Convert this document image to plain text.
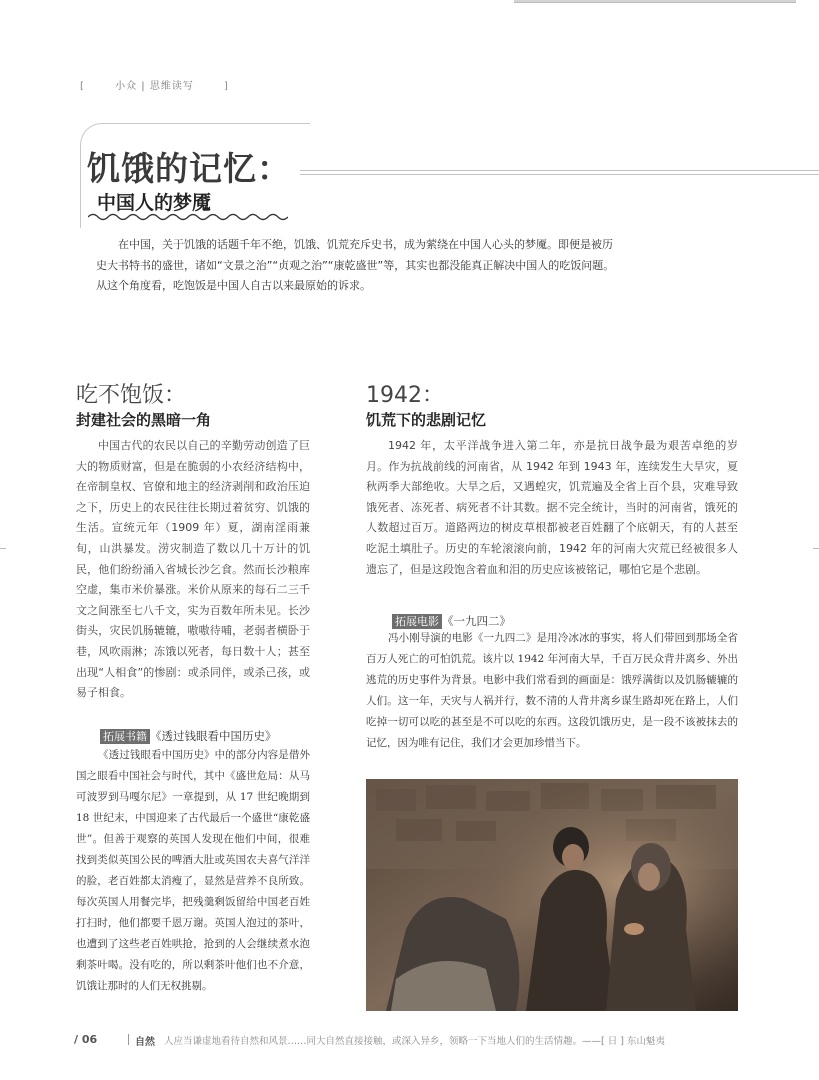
[	小众 | 思维读写	]
饥饿的记忆：
中国人的梦魇

在中国，关于饥饿的话题千年不绝，饥饿、饥荒充斥史书，成为萦绕在中国人心头的梦魇。即便是被历史大书特书的盛世，诸如“文景之治”“贞观之治”“康乾盛世”等，其实也都没能真正解决中国人的吃饭问题。从这个角度看，吃饱饭是中国人自古以来最原始的诉求。

吃不饱饭：
封建社会的黑暗一角

中国古代的农民以自己的辛勤劳动创造了巨大的物质财富，但是在脆弱的小农经济结构中，在帝制皇权、官僚和地主的经济剥削和政治压迫之下，历史上的农民往往长期过着贫穷、饥饿的生活。宣统元年（1909 年）夏，湖南淫雨兼旬，山洪暴发。涝灾制造了数以几十万计的饥民，他们纷纷涌入省城长沙乞食。然而长沙粮库空虚，集市米价暴涨。米价从原来的每石二三千文之间涨至七八千文，实为百数年所未见。长沙街头，灾民饥肠辘辘，嗷嗷待哺，老弱者横卧于巷，风吹雨淋；冻饿以死者，每日数十人；甚至出现“人相食”的惨剧：或杀同伴，或杀己孩，或易子相食。

拓展书籍 《透过钱眼看中国历史》

《透过钱眼看中国历史》中的部分内容是借外国之眼看中国社会与时代，其中《盛世危局：从马可波罗到马嘎尔尼》一章提到，从 17 世纪晚期到 18 世纪末，中国迎来了古代最后一个盛世“康乾盛世”。但善于观察的英国人发现在他们中间，很难找到类似英国公民的啤酒大肚或英国农夫喜气洋洋的脸，老百姓都太消瘦了，显然是营养不良所致。每次英国人用餐完毕，把残羹剩饭留给中国老百姓打扫时，他们都要千恩万谢。英国人泡过的茶叶，也遭到了这些老百姓哄抢，抢到的人会继续煮水泡剩茶叶喝。没有吃的，所以剩茶叶他们也不介意，饥饿让那时的人们无权挑剔。

1942：
饥荒下的悲剧记忆

1942 年，太平洋战争进入第二年，亦是抗日战争最为艰苦卓绝的岁月。作为抗战前线的河南省，从 1942 年到 1943 年，连续发生大旱灾，夏秋两季大部绝收。大旱之后，又遇蝗灾，饥荒遍及全省上百个县，灾难导致饿死者、冻死者、病死者不计其数。据不完全统计，当时的河南省，饿死的人数超过百万。道路两边的树皮草根都被老百姓翻了个底朝天，有的人甚至吃泥土填肚子。历史的车轮滚滚向前，1942 年的河南大灾荒已经被很多人遗忘了，但是这段饱含着血和泪的历史应该被铭记，哪怕它是个悲剧。

拓展电影 《一九四二》

冯小刚导演的电影《一九四二》是用冷冰冰的事实，将人们带回到那场全省百万人死亡的可怕饥荒。该片以 1942 年河南大旱，千百万民众背井离乡、外出逃荒的历史事件为背景。电影中我们常看到的画面是：饿殍满街以及饥肠辘辘的人们。这一年，天灾与人祸并行，数不清的人背井离乡谋生路却死在路上，人们吃掉一切可以吃的甚至是不可以吃的东西。这段饥饿历史，是一段不该被抹去的记忆，因为唯有记住，我们才会更加珍惜当下。

/ 06	自然 人应当谦虚地看待自然和风景……同大自然直接接触，或深入异乡，领略一下当地人们的生活情趣。——[ 日 ] 东山魁夷
